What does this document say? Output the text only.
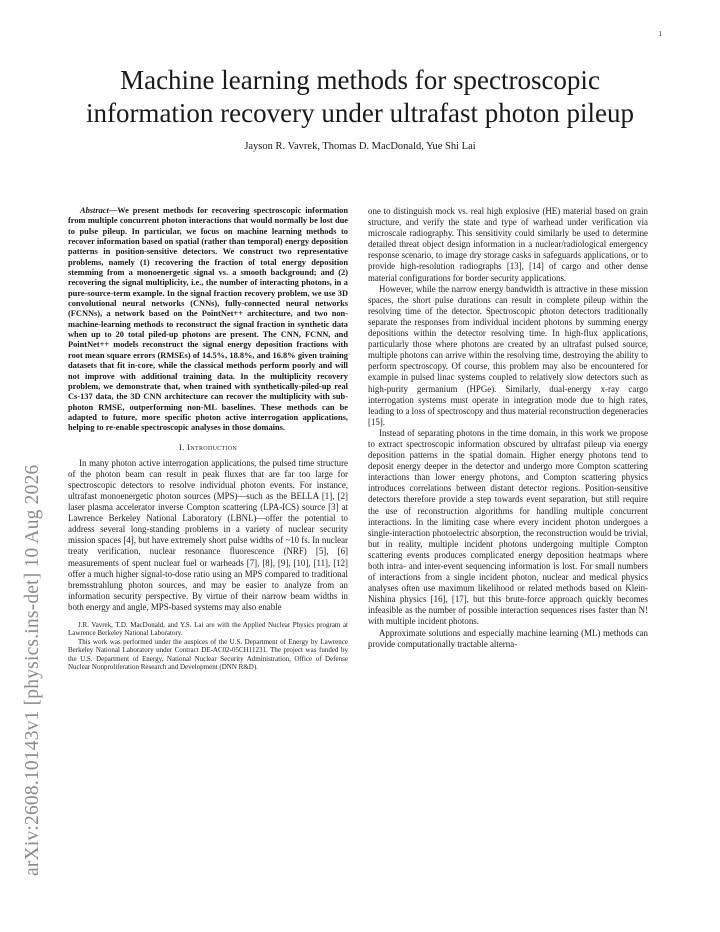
1
arXiv:2608.10143v1 [physics.ins-det] 10 Aug 2026
Machine learning methods for spectroscopic
information recovery under ultrafast photon pileup
Jayson R. Vavrek, Thomas D. MacDonald, Yue Shi Lai

Abstract—We present methods for recovering spectroscopic information from multiple concurrent photon interactions that would normally be lost due to pulse pileup. In particular, we focus on machine learning methods to recover information based on spatial (rather than temporal) energy deposition patterns in position-sensitive detectors. We construct two representative problems, namely (1) recovering the fraction of total energy deposition stemming from a monoenergetic signal vs. a smooth background; and (2) recovering the signal multiplicity, i.e., the number of interacting photons, in a pure-source-term example. In the signal fraction recovery problem, we use 3D convolutional neural networks (CNNs), fully-connected neural networks (FCNNs), a network based on the PointNet++ architecture, and two non-machine-learning methods to reconstruct the signal fraction in synthetic data when up to 20 total piled-up photons are present. The CNN, FCNN, and PointNet++ models reconstruct the signal energy deposition fractions with root mean square errors (RMSEs) of 14.5%, 18.8%, and 16.8% given training datasets that fit in-core, while the classical methods perform poorly and will not improve with additional training data. In the multiplicity recovery problem, we demonstrate that, when trained with synthetically-piled-up real Cs-137 data, the 3D CNN architecture can recover the multiplicity with sub-photon RMSE, outperforming non-ML baselines. These methods can be adapted to future, more specific photon active interrogation applications, helping to re-enable spectroscopic analyses in those domains.

I. Introduction

In many photon active interrogation applications, the pulsed time structure of the photon beam can result in peak fluxes that are far too large for spectroscopic detectors to resolve individual photon events. For instance, ultrafast monoenergetic photon sources (MPS)—such as the BELLA [1], [2] laser plasma accelerator inverse Compton scattering (LPA-ICS) source [3] at Lawrence Berkeley National Laboratory (LBNL)—offer the potential to address several long-standing problems in a variety of nuclear security mission spaces [4], but have extremely short pulse widths of ~10 fs. In nuclear treaty verification, nuclear resonance fluorescence (NRF) [5], [6] measurements of spent nuclear fuel or warheads [7], [8], [9], [10], [11], [12] offer a much higher signal-to-dose ratio using an MPS compared to traditional bremsstrahlung photon sources, and may be easier to analyze from an information security perspective. By virtue of their narrow beam widths in both energy and angle, MPS-based systems may also enable

J.R. Vavrek, T.D. MacDonald, and Y.S. Lai are with the Applied Nuclear Physics program at Lawrence Berkeley National Laboratory.

This work was performed under the auspices of the U.S. Department of Energy by Lawrence Berkeley National Laboratory under Contract DE-AC02-05CH11231. The project was funded by the U.S. Department of Energy, National Nuclear Security Administration, Office of Defense Nuclear Nonproliferation Research and Development (DNN R&D).

one to distinguish mock vs. real high explosive (HE) material based on grain structure, and verify the state and type of warhead under verification via microscale radiography. This sensitivity could similarly be used to determine detailed threat object design information in a nuclear/radiological emergency response scenario, to image dry storage casks in safeguards applications, or to provide high-resolution radiographs [13], [14] of cargo and other dense material configurations for border security applications.

However, while the narrow energy bandwidth is attractive in these mission spaces, the short pulse durations can result in complete pileup within the resolving time of the detector. Spectroscopic photon detectors traditionally separate the responses from individual incident photons by summing energy depositions within the detector resolving time. In high-flux applications, particularly those where photons are created by an ultrafast pulsed source, multiple photons can arrive within the resolving time, destroying the ability to perform spectroscopy. Of course, this problem may also be encountered for example in pulsed linac systems coupled to relatively slow detectors such as high-purity germanium (HPGe). Similarly, dual-energy x-ray cargo interrogation systems must operate in integration mode due to high rates, leading to a loss of spectroscopy and thus material reconstruction degeneracies [15].

Instead of separating photons in the time domain, in this work we propose to extract spectroscopic information obscured by ultrafast pileup via energy deposition patterns in the spatial domain. Higher energy photons tend to deposit energy deeper in the detector and undergo more Compton scattering interactions than lower energy photons, and Compton scattering physics introduces correlations between distant detector regions. Position-sensitive detectors therefore provide a step towards event separation, but still require the use of reconstruction algorithms for handling multiple concurrent interactions. In the limiting case where every incident photon undergoes a single-interaction photoelectric absorption, the reconstruction would be trivial, but in reality, multiple incident photons undergoing multiple Compton scattering events produces complicated energy deposition heatmaps where both intra- and inter-event sequencing information is lost. For small numbers of interactions from a single incident photon, nuclear and medical physics analyses often use maximum likelihood or related methods based on Klein-Nishina physics [16], [17], but this brute-force approach quickly becomes infeasible as the number of possible interaction sequences rises faster than N! with multiple incident photons.

Approximate solutions and especially machine learning (ML) methods can provide computationally tractable alterna-
